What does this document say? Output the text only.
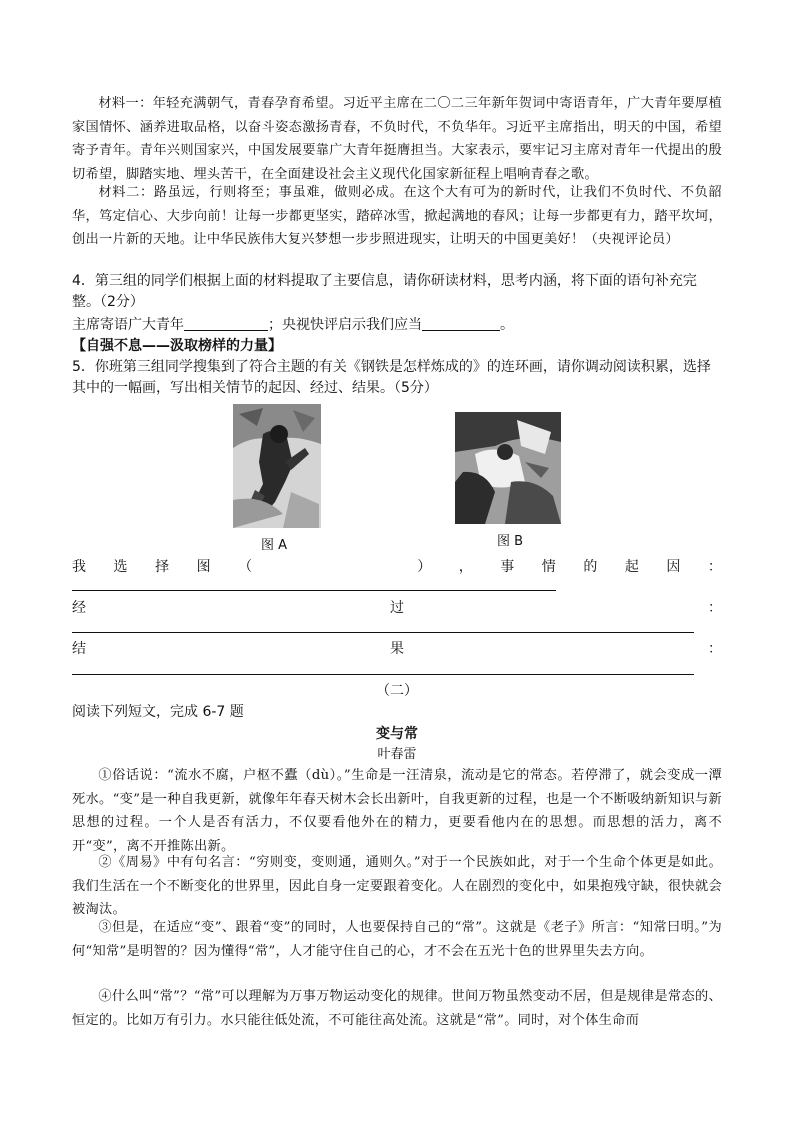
材料一：年轻充满朝气，青春孕育希望。习近平主席在二〇二三年新年贺词中寄语青年，广大青年要厚植家国情怀、涵养进取品格，以奋斗姿态激扬青春，不负时代，不负华年。习近平主席指出，明天的中国，希望寄予青年。青年兴则国家兴，中国发展要靠广大青年挺膺担当。大家表示，要牢记习主席对青年一代提出的殷切希望，脚踏实地、埋头苦干，在全面建设社会主义现代化国家新征程上唱响青春之歌。
材料二：路虽远，行则将至；事虽难，做则必成。在这个大有可为的新时代，让我们不负时代、不负韶华，笃定信心、大步向前！让每一步都更坚实，踏碎冰雪，掀起满地的春风；让每一步都更有力，踏平坎坷，创出一片新的天地。让中华民族伟大复兴梦想一步步照进现实，让明天的中国更美好！（央视评论员）
4．第三组的同学们根据上面的材料提取了主要信息，请你研读材料，思考内涵，将下面的语句补充完整。（2分）
主席寄语广大青年	；央视快评启示我们应当	。
【自强不息——汲取榜样的力量】
5．你班第三组同学搜集到了符合主题的有关《钢铁是怎样炼成的》的连环画，请你调动阅读积累，选择其中的一幅画，写出相关情节的起因、经过、结果。（5分）
图 A	图 B
我 选 择 图 （	） ， 事 情 的 起 因 ：
经	过	：
结	果	：
（二）
阅读下列短文，完成 6-7 题
变与常
叶春雷
①俗话说：“流水不腐，户枢不蠹（dù）。”生命是一汪清泉，流动是它的常态。若停滞了，就会变成一潭死水。“变”是一种自我更新，就像年年春天树木会长出新叶，自我更新的过程，也是一个不断吸纳新知识与新思想的过程。一个人是否有活力，不仅要看他外在的精力，更要看他内在的思想。而思想的活力，离不开“变”，离不开推陈出新。
②《周易》中有句名言：“穷则变，变则通，通则久。”对于一个民族如此，对于一个生命个体更是如此。我们生活在一个不断变化的世界里，因此自身一定要跟着变化。人在剧烈的变化中，如果抱残守缺，很快就会被淘汰。
③但是，在适应“变”、跟着“变”的同时，人也要保持自己的“常”。这就是《老子》所言：“知常曰明。”为何“知常”是明智的？因为懂得“常”，人才能守住自己的心，才不会在五光十色的世界里失去方向。
④什么叫“常”？“常”可以理解为万事万物运动变化的规律。世间万物虽然变动不居，但是规律是常态的、恒定的。比如万有引力。水只能往低处流，不可能往高处流。这就是“常”。同时，对个体生命而
